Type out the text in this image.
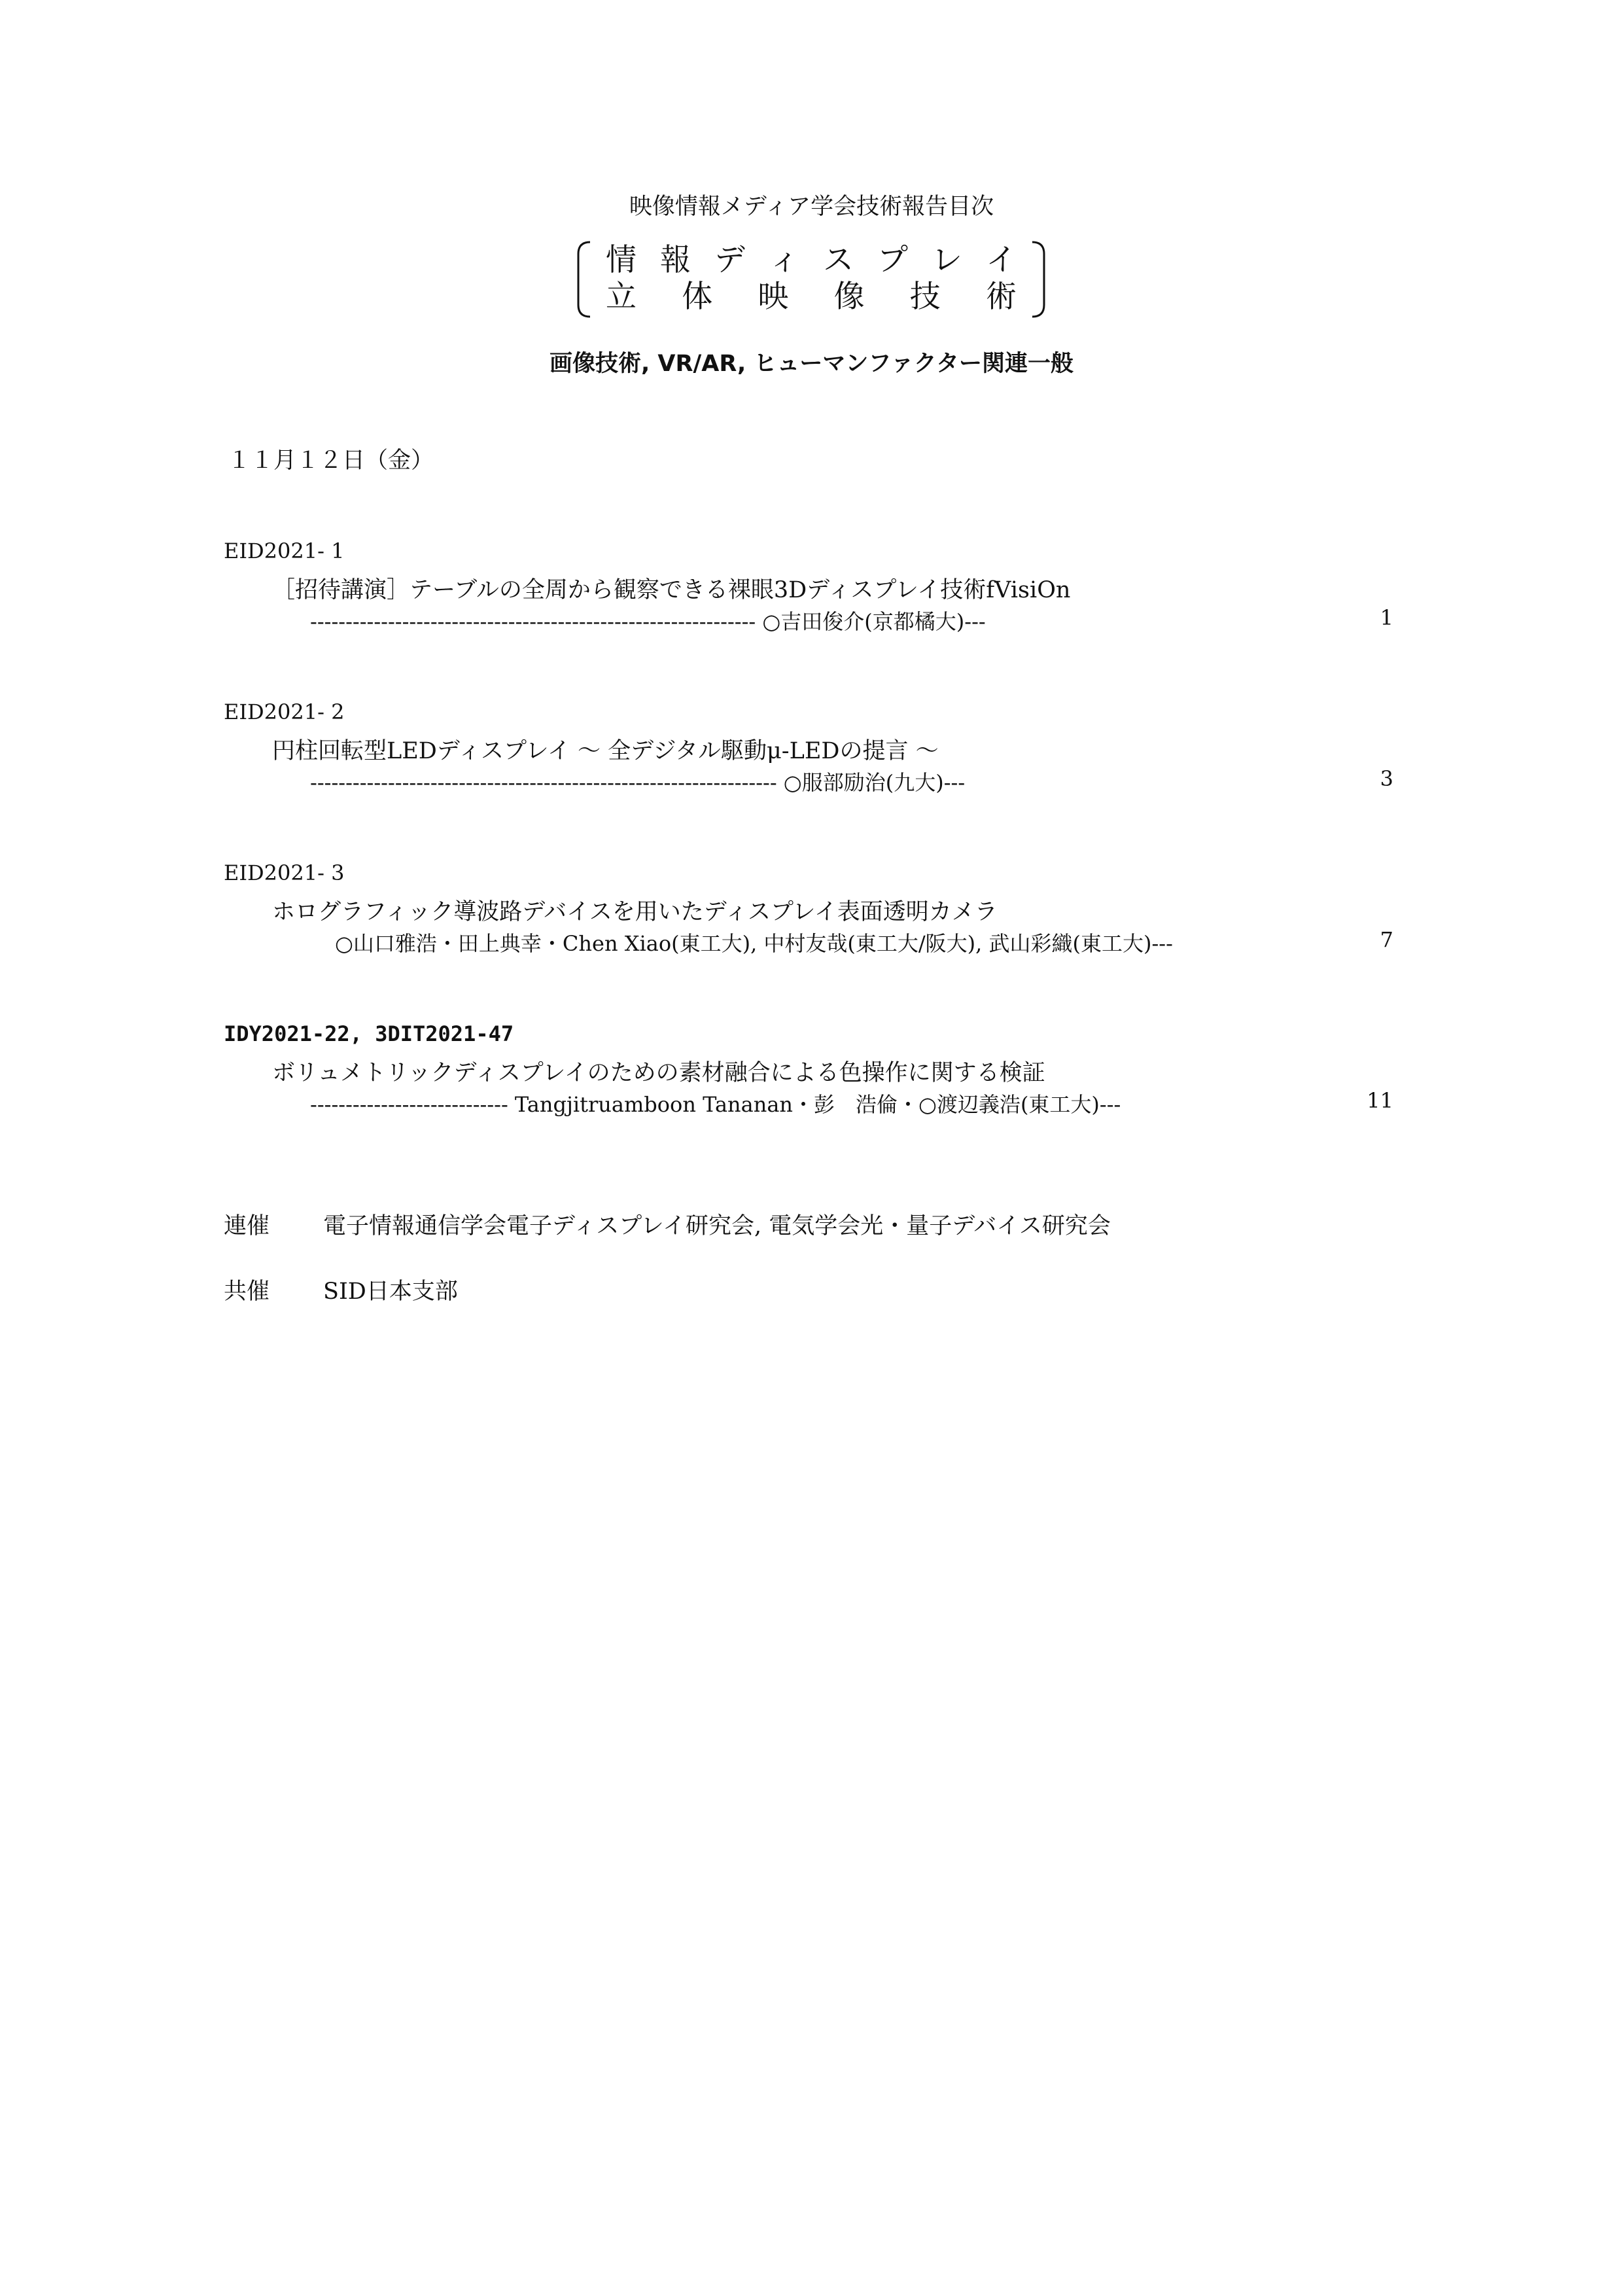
映像情報メディア学会技術報告目次
情 報 デ ィ ス プ レ イ
立 体 映 像 技 術
画像技術, VR/AR, ヒューマンファクター関連一般
１１月１２日（金）
EID2021- 1
［招待講演］テーブルの全周から観察できる裸眼3Dディスプレイ技術fVisiOn
--------------------------------------------------------------- ○吉田俊介(京都橘大)---	1
EID2021- 2
円柱回転型LEDディスプレイ ～ 全デジタル駆動μ-LEDの提言 ～
------------------------------------------------------------------ ○服部励治(九大)---	3
EID2021- 3
ホログラフィック導波路デバイスを用いたディスプレイ表面透明カメラ
○山口雅浩・田上典幸・Chen Xiao(東工大), 中村友哉(東工大/阪大), 武山彩織(東工大)---	7
IDY2021-22, 3DIT2021-47
ボリュメトリックディスプレイのための素材融合による色操作に関する検証
---------------------------- Tangjitruamboon Tananan・彭　浩倫・○渡辺義浩(東工大)---	11
連催 電子情報通信学会電子ディスプレイ研究会, 電気学会光・量子デバイス研究会
共催 SID日本支部
